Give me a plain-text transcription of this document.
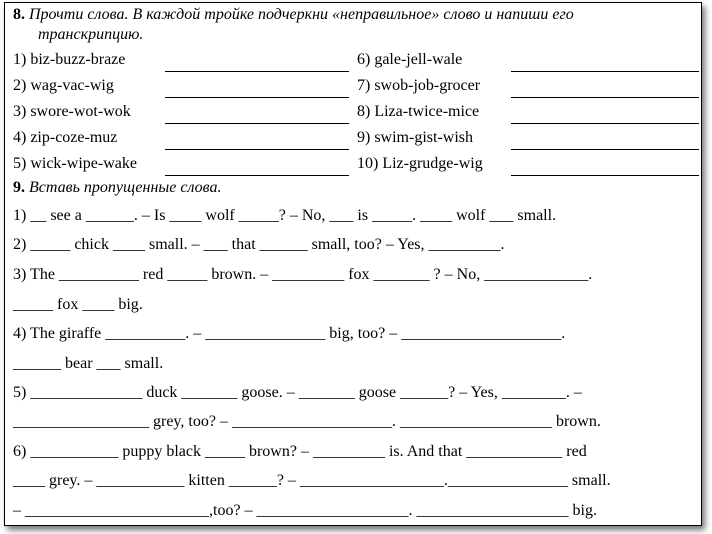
8. Прочти слова. В каждой тройке подчеркни «неправильное» слово и напиши его
транскрипцию.
1) biz-buzz-braze
2) wag-vac-wig
3) swore-wot-wok
4) zip-coze-muz
5) wick-wipe-wake
6) gale-jell-wale
7) swob-job-grocer
8) Liza-twice-mice
9) swim-gist-wish
10) Liz-grudge-wig
9. Вставь пропущенные слова.
1) __ see a ______. – Is ____ wolf _____? – No, ___ is _____. ____ wolf ___ small.
2) _____ chick ____ small. – ___ that ______ small, too? – Yes, _________.
3) The __________ red _____ brown. – _________ fox _______ ? – No, _____________.
_____ fox ____ big.
4) The giraffe __________. – _______________ big, too? – ____________________.
______ bear ___ small.
5) ______________ duck _______ goose. – _______ goose ______? – Yes, ________. –
_________________ grey, too? – ____________________. ___________________ brown.
6) ___________ puppy black _____ brown? – _________ is. And that ____________ red
____ grey. – ___________ kitten ______? – __________________._______________ small.
– _______________________,too? – ___________________. ___________________ big.
